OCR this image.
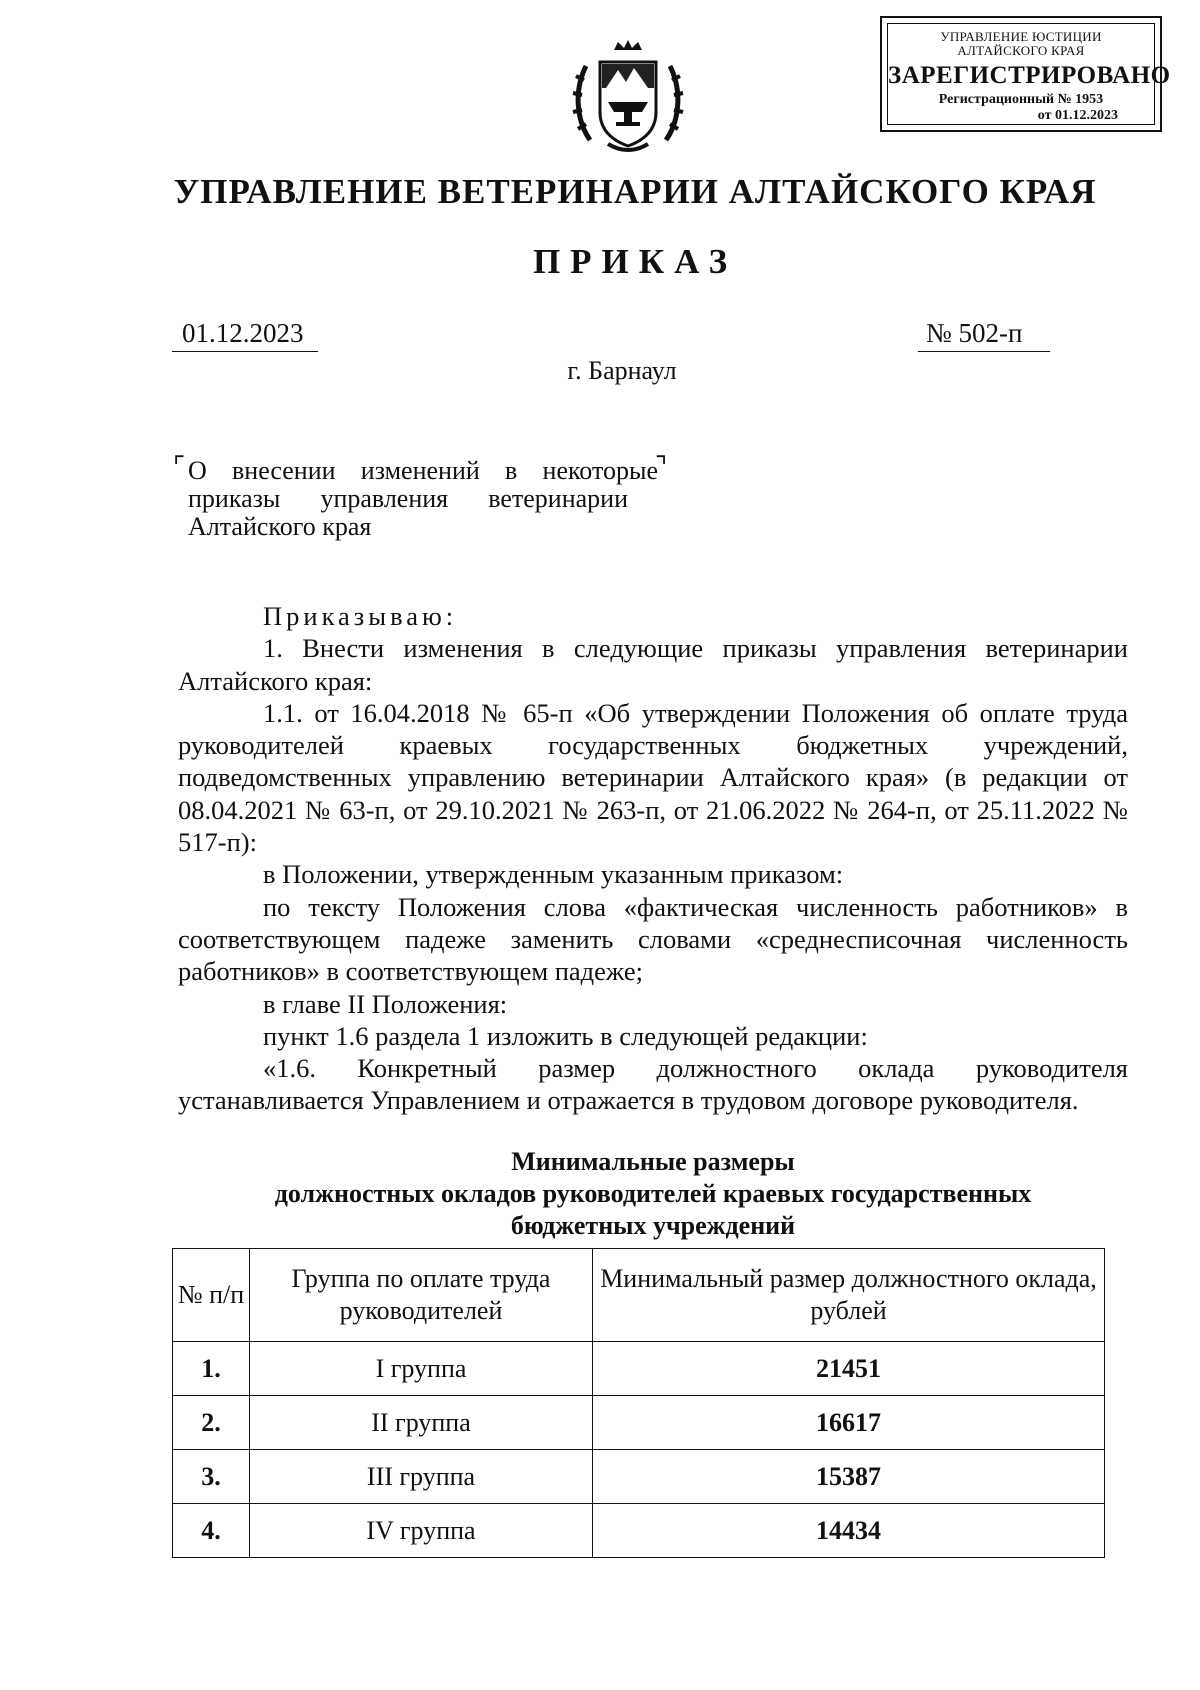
УПРАВЛЕНИЕ ЮСТИЦИИ
АЛТАЙСКОГО КРАЯ
ЗАРЕГИСТРИРОВАНО
Регистрационный № 1953
от 01.12.2023
УПРАВЛЕНИЕ ВЕТЕРИНАРИИ АЛТАЙСКОГО КРАЯ
ПРИКАЗ
01.12.2023	№ 502-п
г. Барнаул
⌜	⌝
О внесении изменений в некоторые
приказы управления ветеринарии
Алтайского края

Приказываю:

1. Внести изменения в следующие приказы управления ветеринарии Алтайского края:

1.1. от 16.04.2018 № 65-п «Об утверждении Положения об оплате труда руководителей краевых государственных бюджетных учреждений, подведомственных управлению ветеринарии Алтайского края» (в редакции от 08.04.2021 № 63-п, от 29.10.2021 № 263-п, от 21.06.2022 № 264-п, от 25.11.2022 № 517-п):

в Положении, утвержденным указанным приказом:

по тексту Положения слова «фактическая численность работников» в соответствующем падеже заменить словами «среднесписочная численность работников» в соответствующем падеже;

в главе II Положения:

пункт 1.6 раздела 1 изложить в следующей редакции:

«1.6. Конкретный размер должностного оклада руководителя устанавливается Управлением и отражается в трудовом договоре руководителя.

Минимальные размеры
должностных окладов руководителей краевых государственных
бюджетных учреждений
№ п/п	Группа по оплате труда руководителей	Минимальный размер должностного оклада, рублей
1.	I группа	21451
2.	II группа	16617
3.	III группа	15387
4.	IV группа	14434
